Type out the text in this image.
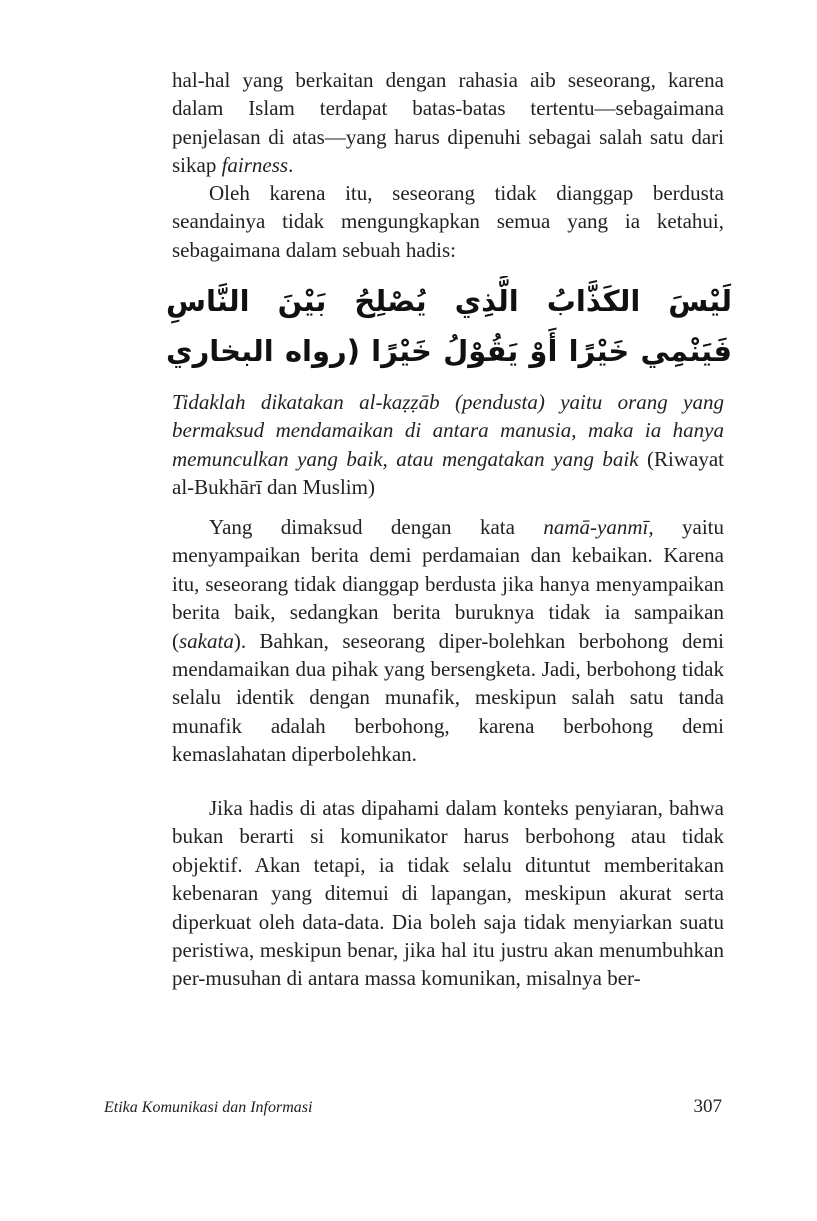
hal-hal yang berkaitan dengan rahasia aib seseorang, karena dalam Islam terdapat batas-batas tertentu—sebagaimana penjelasan di atas—yang harus dipenuhi sebagai salah satu dari sikap fairness.

Oleh karena itu, seseorang tidak dianggap berdusta seandainya tidak mengungkapkan semua yang ia ketahui, sebagaimana dalam sebuah hadis:

لَيْسَ الكَذَّابُ الَّذِي يُصْلِحُ بَيْنَ النَّاسِ فَيَنْمِي خَيْرًا أَوْ يَقُوْلُ خَيْرًا (رواه البخاري

Tidaklah dikatakan al-kaẓẓāb (pendusta) yaitu orang yang bermaksud mendamaikan di antara manusia, maka ia hanya memunculkan yang baik, atau mengatakan yang baik (Riwayat al-Bukhārī dan Muslim)

Yang dimaksud dengan kata namā-yanmī, yaitu menyampaikan berita demi perdamaian dan kebaikan. Karena itu, seseorang tidak dianggap berdusta jika hanya menyampaikan berita baik, sedangkan berita buruknya tidak ia sampaikan (sakata). Bahkan, seseorang diper-bolehkan berbohong demi mendamaikan dua pihak yang bersengketa. Jadi, berbohong tidak selalu identik dengan munafik, meskipun salah satu tanda munafik adalah berbohong, karena berbohong demi kemaslahatan diperbolehkan.

Jika hadis di atas dipahami dalam konteks penyiaran, bahwa bukan berarti si komunikator harus berbohong atau tidak objektif. Akan tetapi, ia tidak selalu dituntut memberitakan kebenaran yang ditemui di lapangan, meskipun akurat serta diperkuat oleh data-data. Dia boleh saja tidak menyiarkan suatu peristiwa, meskipun benar, jika hal itu justru akan menumbuhkan per-musuhan di antara massa komunikan, misalnya ber-

Etika Komunikasi dan Informasi	307
